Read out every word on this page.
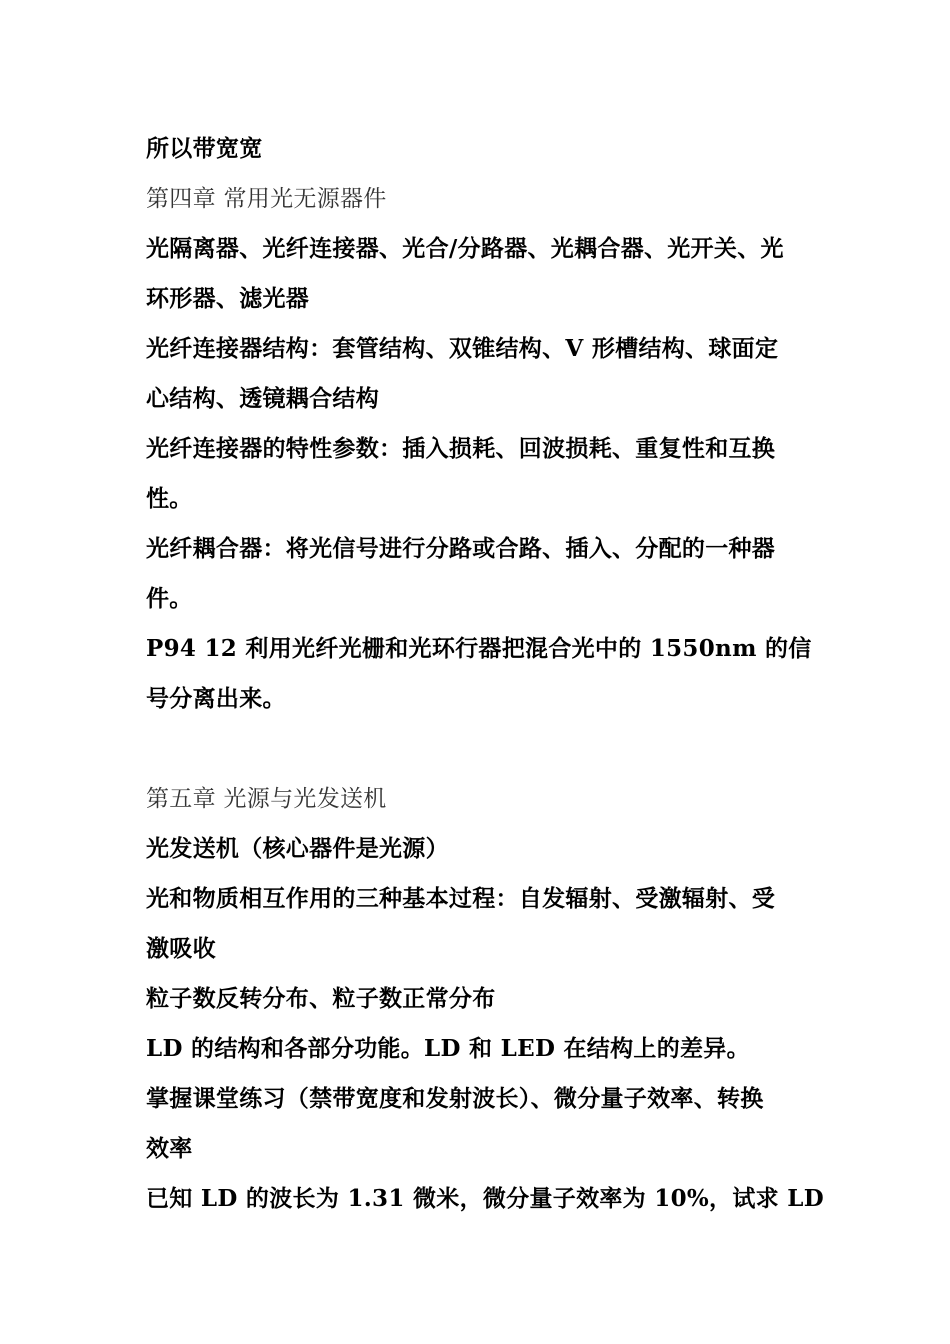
所以带宽宽
第四章 常用光无源器件
光隔离器、光纤连接器、光合/分路器、光耦合器、光开关、光
环形器、滤光器
光纤连接器结构：套管结构、双锥结构、V 形槽结构、球面定
心结构、透镜耦合结构
光纤连接器的特性参数：插入损耗、回波损耗、重复性和互换
性。
光纤耦合器：将光信号进行分路或合路、插入、分配的一种器
件。
P94 12 利用光纤光栅和光环行器把混合光中的 1550nm 的信
号分离出来。
第五章 光源与光发送机
光发送机（核心器件是光源）
光和物质相互作用的三种基本过程：自发辐射、受激辐射、受
激吸收
粒子数反转分布、粒子数正常分布
LD 的结构和各部分功能。LD 和 LED 在结构上的差异。
掌握课堂练习（禁带宽度和发射波长）、微分量子效率、转换
效率
已知 LD 的波长为 1.31 微米，微分量子效率为 10%，试求 LD
